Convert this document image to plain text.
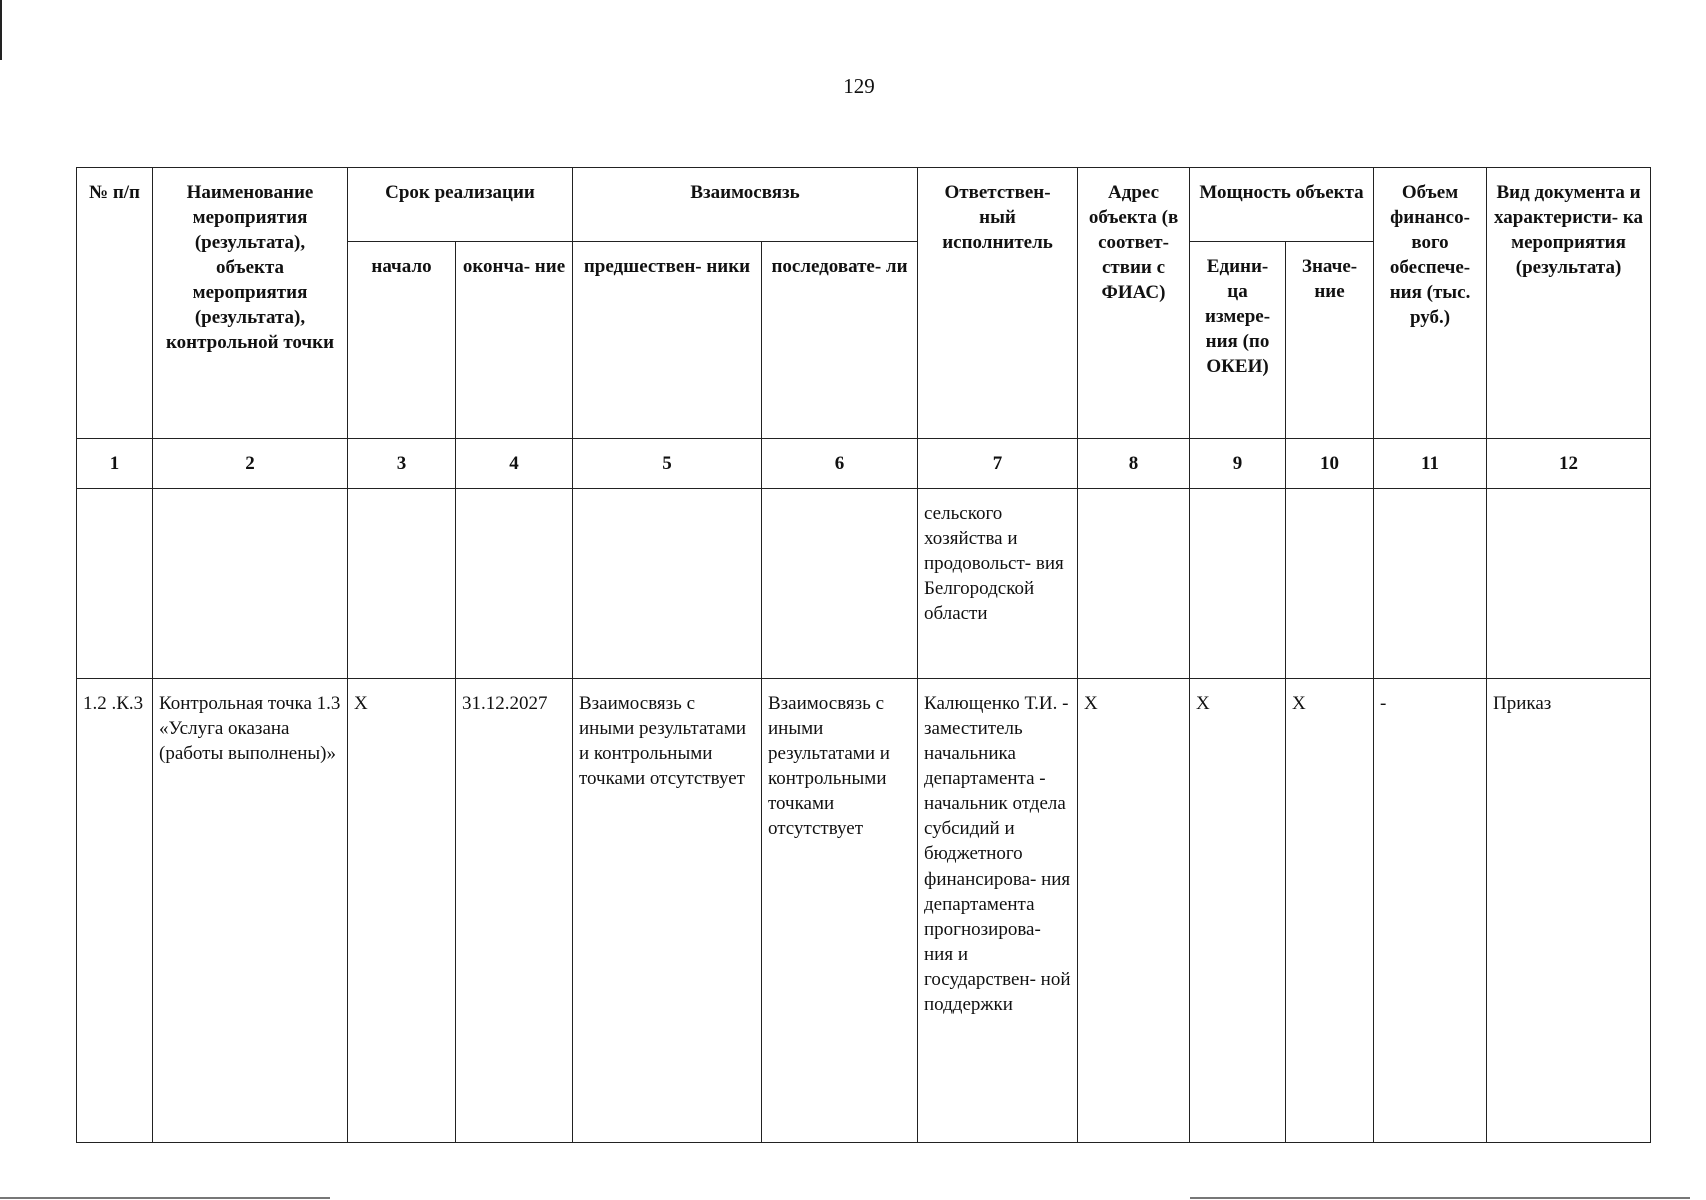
129
№ п/п	Наименование мероприятия (результата), объекта мероприятия (результата), контрольной точки	Срок реализации		Взаимосвязь		Ответствен- ный исполнитель	Адрес объекта (в соответ- ствии с ФИАС)	Мощность объекта		Объем финансо- вого обеспече- ния (тыс. руб.)	Вид документа и характеристи- ка мероприятия (результата)
		начало	оконча- ние	предшествен- ники	последовате- ли			Едини- ца измере- ния (по ОКЕИ)	Значе- ние		
1	2	3	4	5	6	7	8	9	10	11	12
						сельского хозяйства и продовольст- вия Белгородской области					
1.2 .К.3	Контрольная точка 1.3 «Услуга оказана (работы выполнены)»	X	31.12.2027	Взаимосвязь с иными результатами и контрольными точками отсутствует	Взаимосвязь с иными результатами и контрольными точками отсутствует	Калющенко Т.И. - заместитель начальника департамента - начальник отдела субсидий и бюджетного финансирова- ния департамента прогнозирова- ния и государствен- ной поддержки	X	X	X	-	Приказ
